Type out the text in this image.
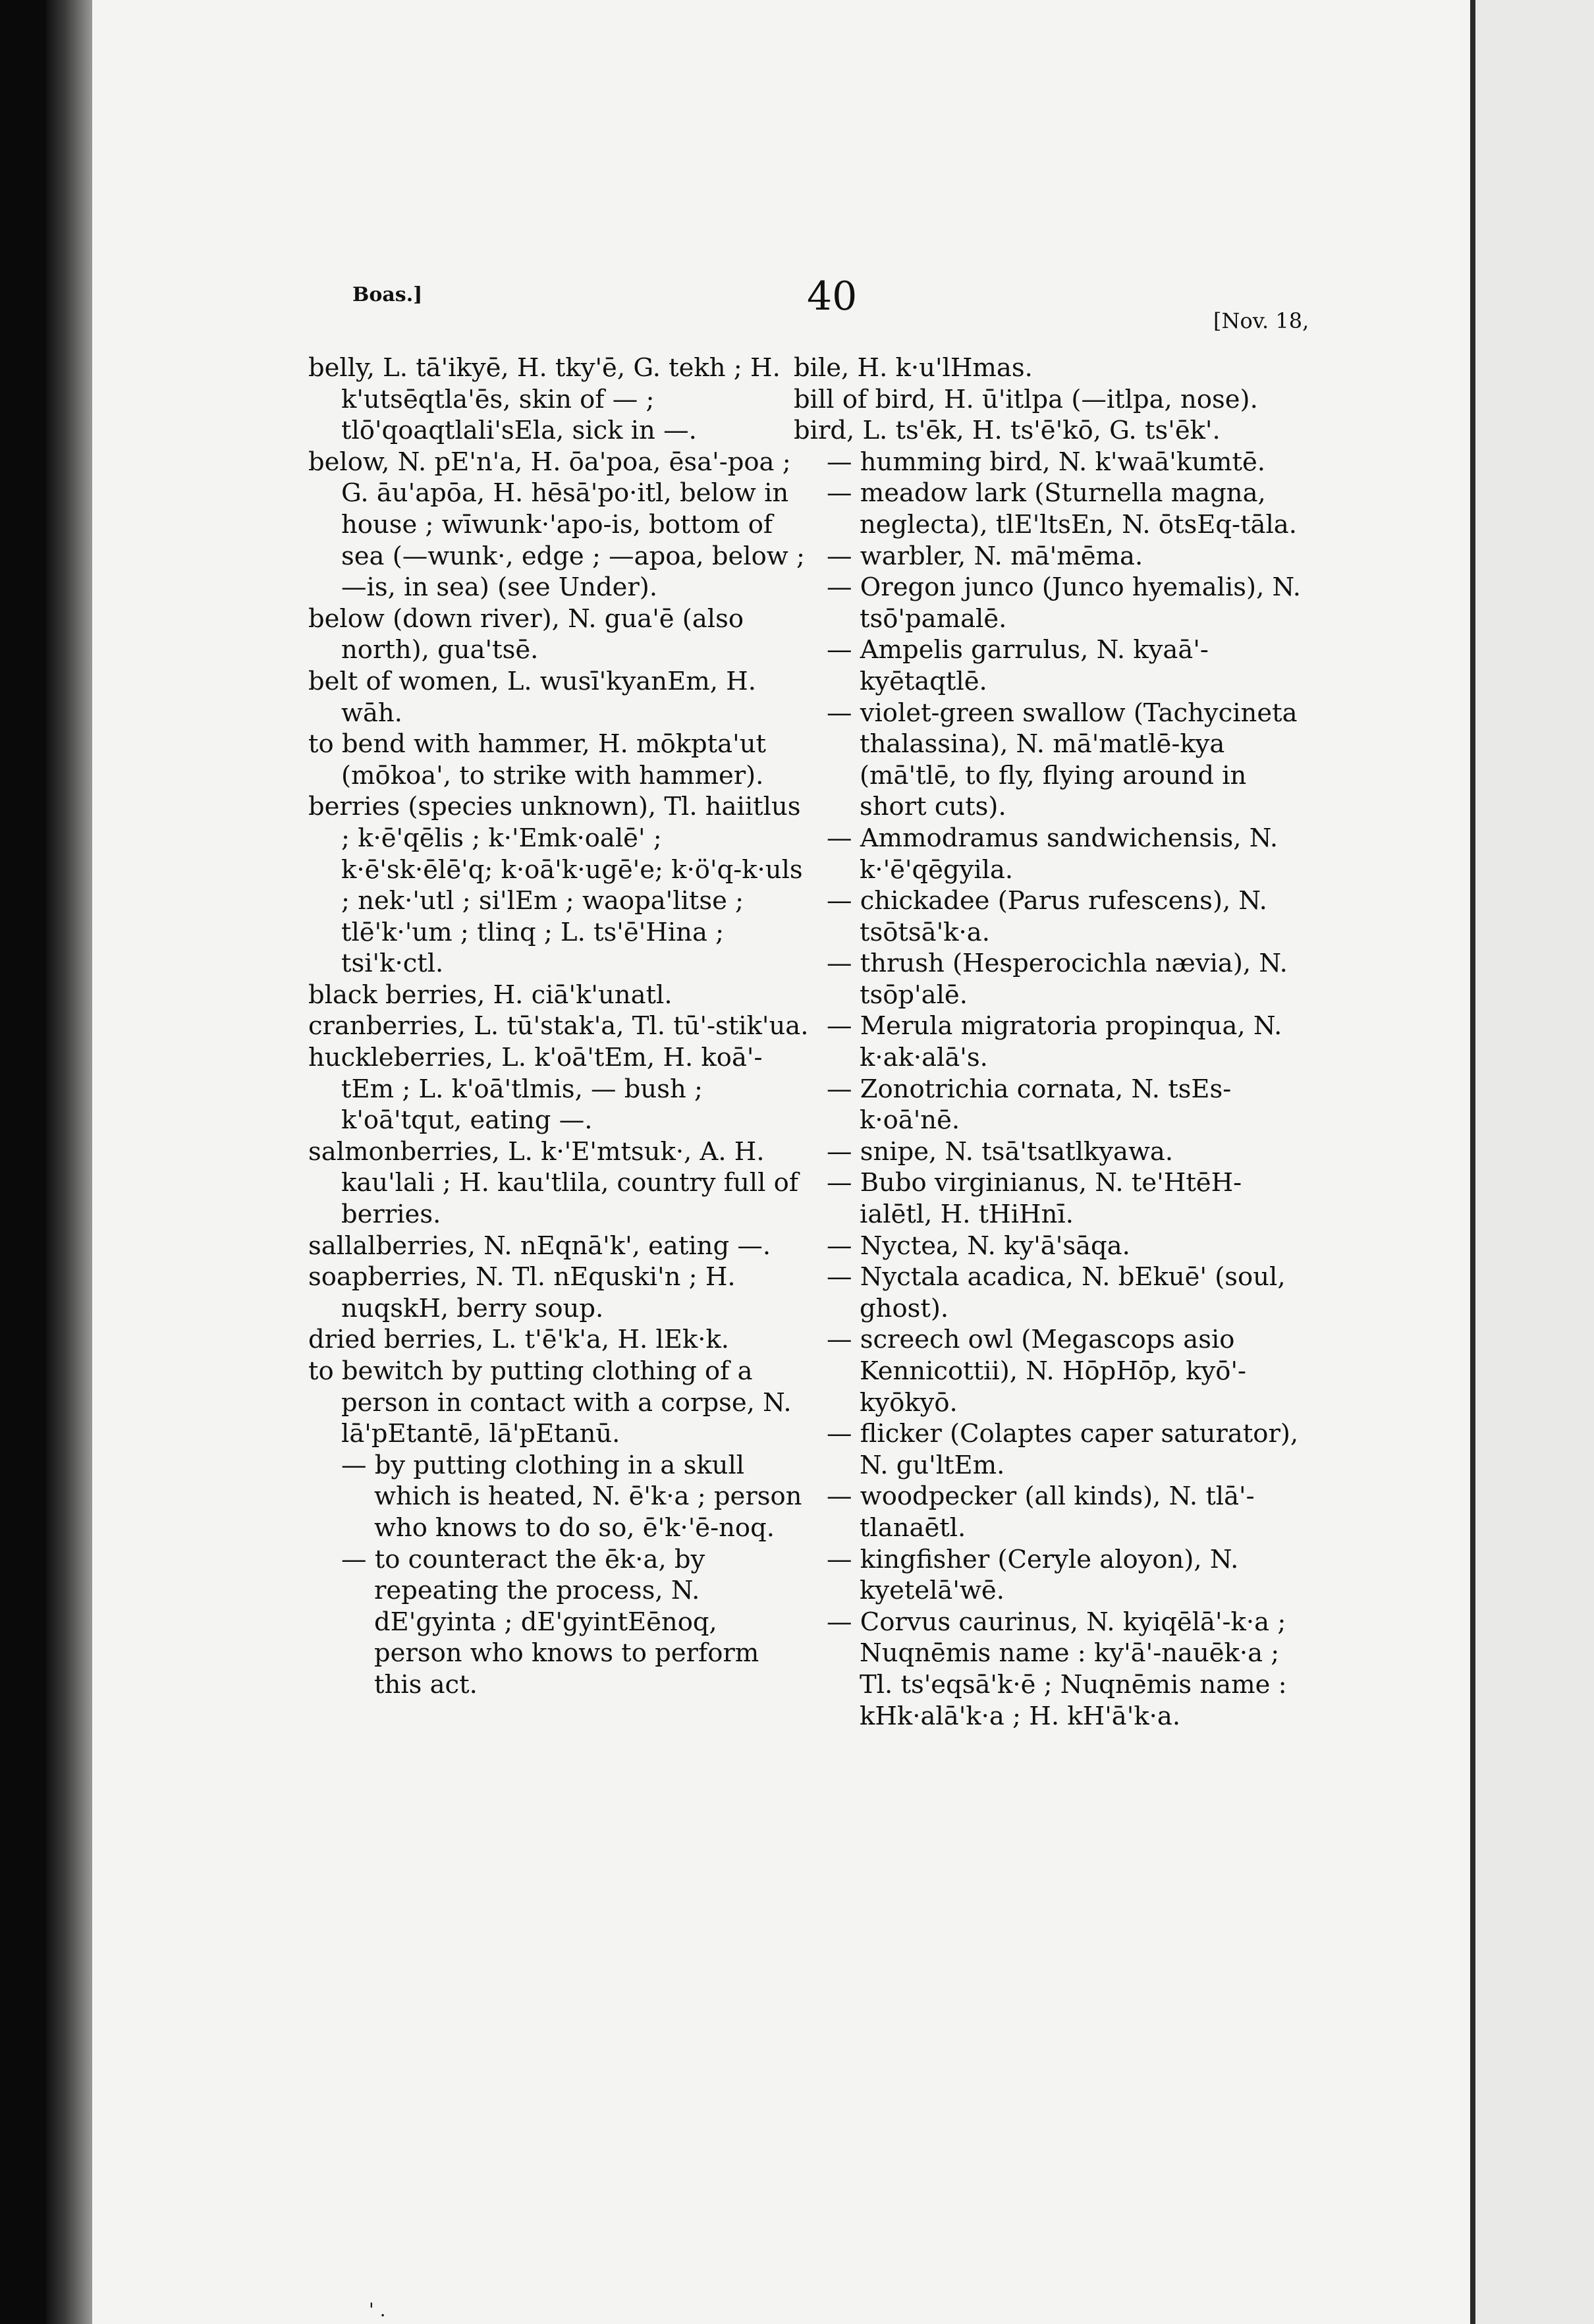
Boas.]	40
[Nov. 18,

belly, L. tā'ikyē, H. tky'ē, G. tekh ; H. k'utsēqtla'ēs, skin of — ; tlō'qoaqtlali'sEla, sick in —.

below, N. pE'n'a, H. ōa'poa, ēsa'-poa ; G. āu'apōa, H. hēsā'po·itl, below in house ; wīwunk·'apo-is, bottom of sea (—wunk·, edge ; —apoa, below ; —is, in sea) (see Under).

below (down river), N. gua'ē (also north), gua'tsē.

belt of women, L. wusī'kyanEm, H. wāh.

to bend with hammer, H. mōkpta'ut (mōkoa', to strike with hammer).

berries (species unknown), Tl. haiitlus ; k·ē'qēlis ; k·'Emk·oalē' ; k·ē'sk·ēlē'q; k·oā'k·ugē'e; k·ö'q-k·uls ; nek·'utl ; si'lEm ; waopa'litse ; tlē'k·'um ; tlinq ; L. ts'ē'Hina ; tsi'k·ctl.

black berries, H. ciā'k'unatl.

cranberries, L. tū'stak'a, Tl. tū'-stik'ua.

huckleberries, L. k'oā'tEm, H. koā'-tEm ; L. k'oā'tlmis, — bush ; k'oā'tqut, eating —.

salmonberries, L. k·'E'mtsuk·, A. H. kau'lali ; H. kau'tlila, country full of berries.

sallalberries, N. nEqnā'k', eating —.

soapberries, N. Tl. nEquski'n ; H. nuqskH, berry soup.

dried berries, L. t'ē'k'a, H. lEk·k.

to bewitch by putting clothing of a person in contact with a corpse, N. lā'pEtantē, lā'pEtanū.

— by putting clothing in a skull which is heated, N. ē'k·a ; person who knows to do so, ē'k·'ē-noq.

— to counteract the ēk·a, by repeating the process, N. dE'gyinta ; dE'gyintEēnoq, person who knows to perform this act.

bile, H. k·u'lHmas.

bill of bird, H. ū'itlpa (—itlpa, nose).

bird, L. ts'ēk, H. ts'ē'kō, G. ts'ēk'.

— humming bird, N. k'waā'kumtē.

— meadow lark (Sturnella magna, neglecta), tlE'ltsEn, N. ōtsEq-tāla.

— warbler, N. mā'mēma.

— Oregon junco (Junco hyemalis), N. tsō'pamalē.

— Ampelis garrulus, N. kyaā'-kyētaqtlē.

— violet-green swallow (Tachycineta thalassina), N. mā'matlē-kya (mā'tlē, to fly, flying around in short cuts).

— Ammodramus sandwichensis, N. k·'ē'qēgyila.

— chickadee (Parus rufescens), N. tsōtsā'k·a.

— thrush (Hesperocichla nævia), N. tsōp'alē.

— Merula migratoria propinqua, N. k·ak·alā's.

— Zonotrichia cornata, N. tsEs-k·oā'nē.

— snipe, N. tsā'tsatlkyawa.

— Bubo virginianus, N. te'HtēH-ialētl, H. tHiHnī.

— Nyctea, N. ky'ā'sāqa.

— Nyctala acadica, N. bEkuē' (soul, ghost).

— screech owl (Megascops asio Kennicottii), N. HōpHōp, kyō'-kyōkyō.

— flicker (Colaptes caper saturator), N. gu'ltEm.

— woodpecker (all kinds), N. tlā'-tlanaētl.

— kingfisher (Ceryle aloyon), N. kyetelā'wē.

— Corvus caurinus, N. kyiqēlā'-k·a ; Nuqnēmis name : ky'ā'-nauēk·a ; Tl. ts'eqsā'k·ē ; Nuqnēmis name : kHk·alā'k·a ; H. kH'ā'k·a.

' .
